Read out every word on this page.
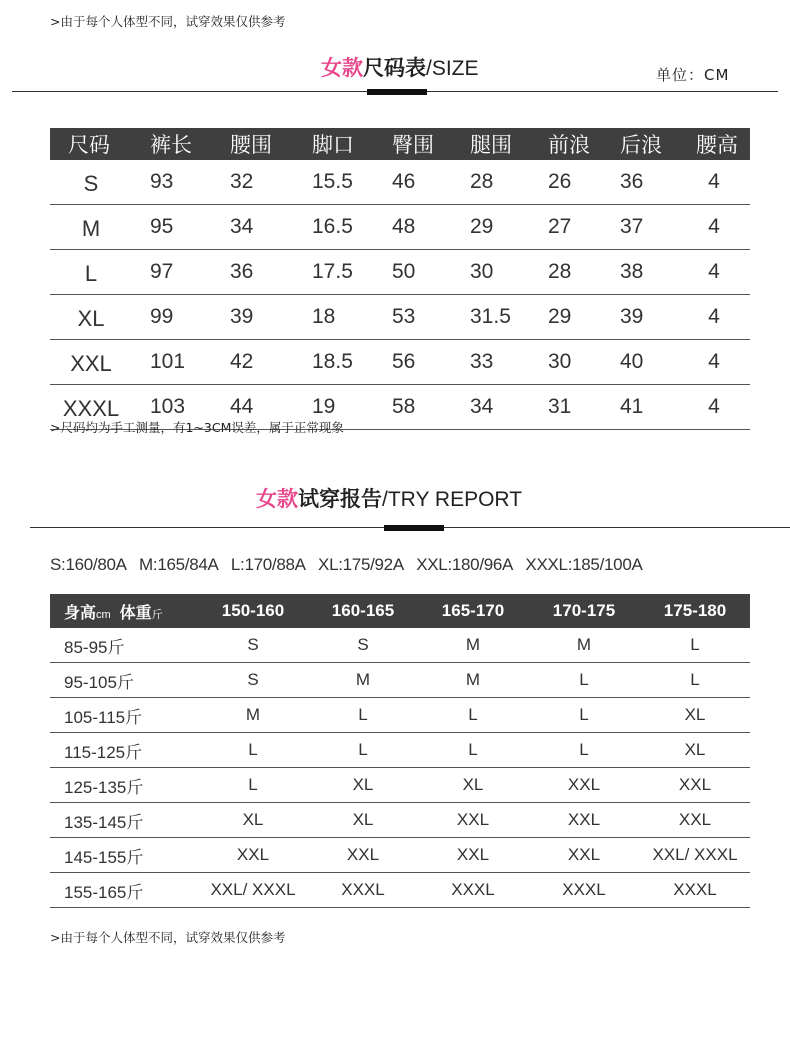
>由于每个人体型不同，试穿效果仅供参考
女款尺码表/SIZE	单位：CM
尺码	裤长	腰围	脚口	臀围	腿围	前浪	后浪	腰高
S	93	32	15.5	46	28	26	36	4
M	95	34	16.5	48	29	27	37	4
L	97	36	17.5	50	30	28	38	4
XL	99	39	18	53	31.5	29	39	4
XXL	101	42	18.5	56	33	30	40	4
XXXL	103	44	19	58	34	31	41	4
>尺码均为手工测量，有1~3CM误差，属于正常现象
女款试穿报告/TRY REPORT
S:160/80A   M:165/84A   L:170/88A   XL:175/92A   XXL:180/96A   XXXL:185/100A
身高cm 体重斤	150-160	160-165	165-170	170-175	175-180
85-95斤	S	S	M	M	L
95-105斤	S	M	M	L	L
105-115斤	M	L	L	L	XL
115-125斤	L	L	L	L	XL
125-135斤	L	XL	XL	XXL	XXL
135-145斤	XL	XL	XXL	XXL	XXL
145-155斤	XXL	XXL	XXL	XXL	XXL/ XXXL
155-165斤	XXL/ XXXL	XXXL	XXXL	XXXL	XXXL
>由于每个人体型不同，试穿效果仅供参考
